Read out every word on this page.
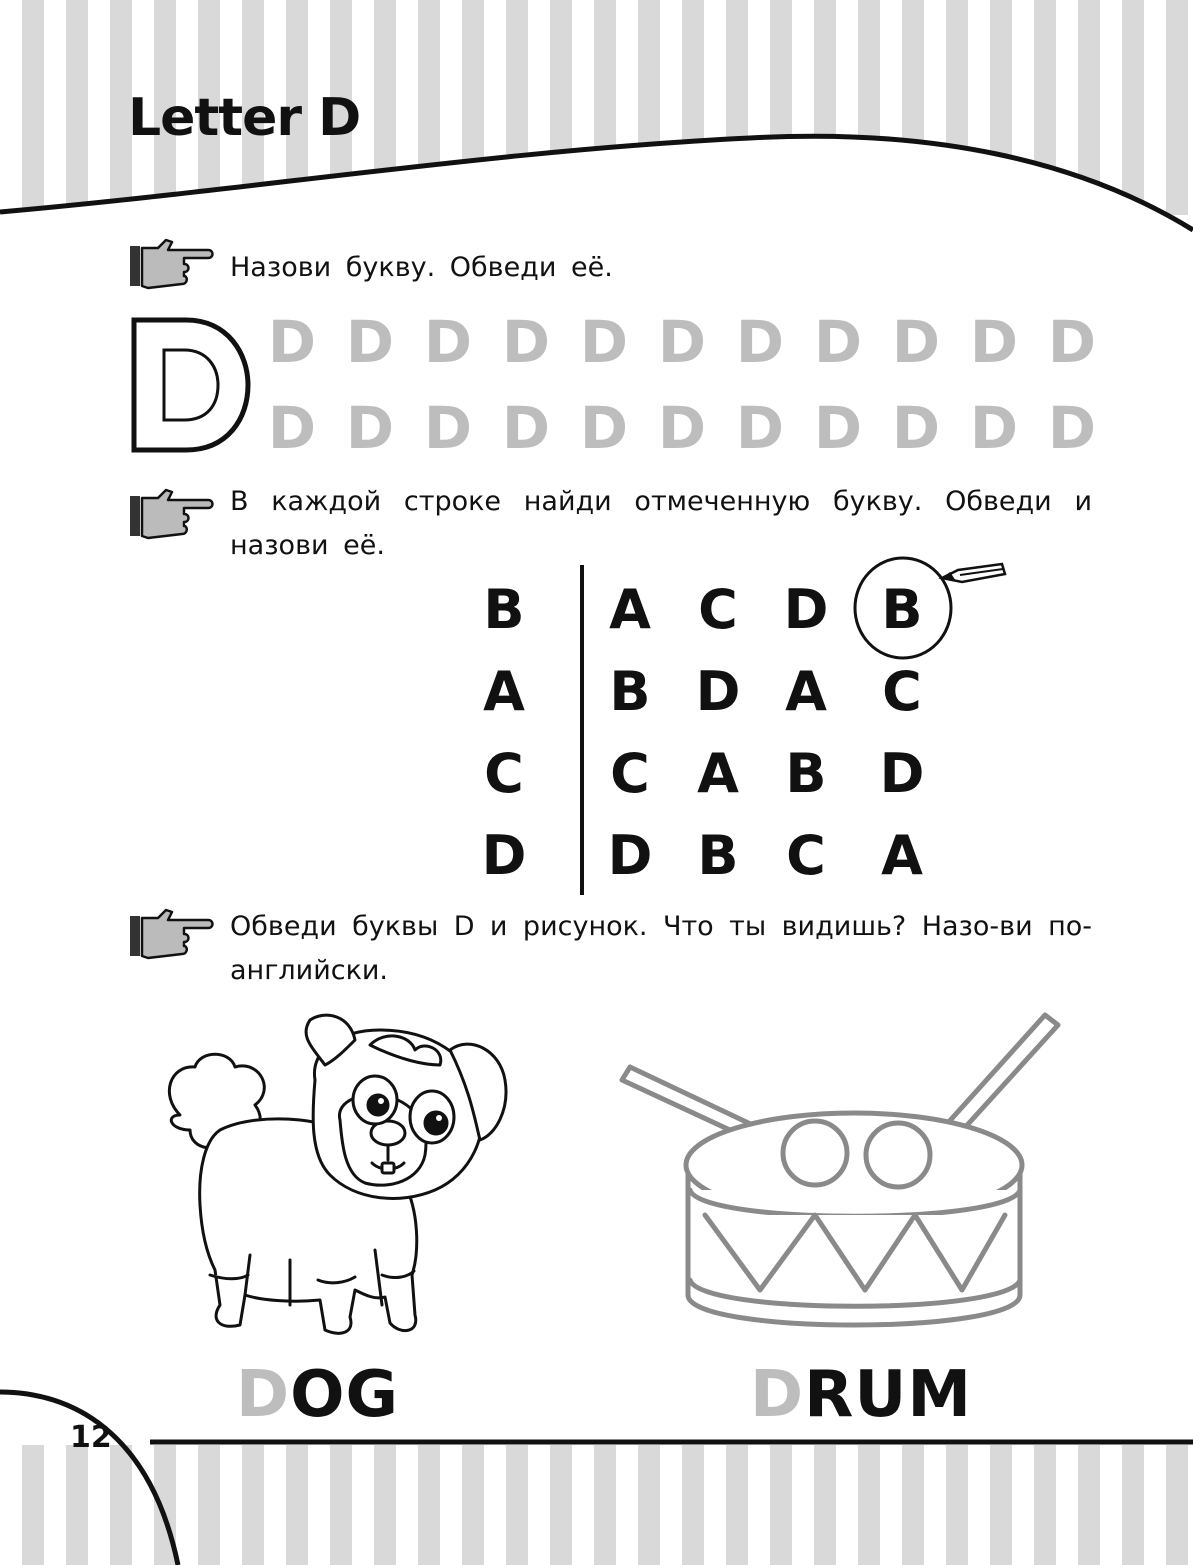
Letter D
Назови букву. Обведи её.
D D D D D D D D D D D
D D D D D D D D D D D
В каждой строке найди отмеченную букву. Обведи и назови её.
B
A
C
D
A C D B
B D A C
C A B D
D B C A
Обведи буквы D и рисунок. Что ты видишь? Назо-ви по-английски.
DOG	DRUM
12
